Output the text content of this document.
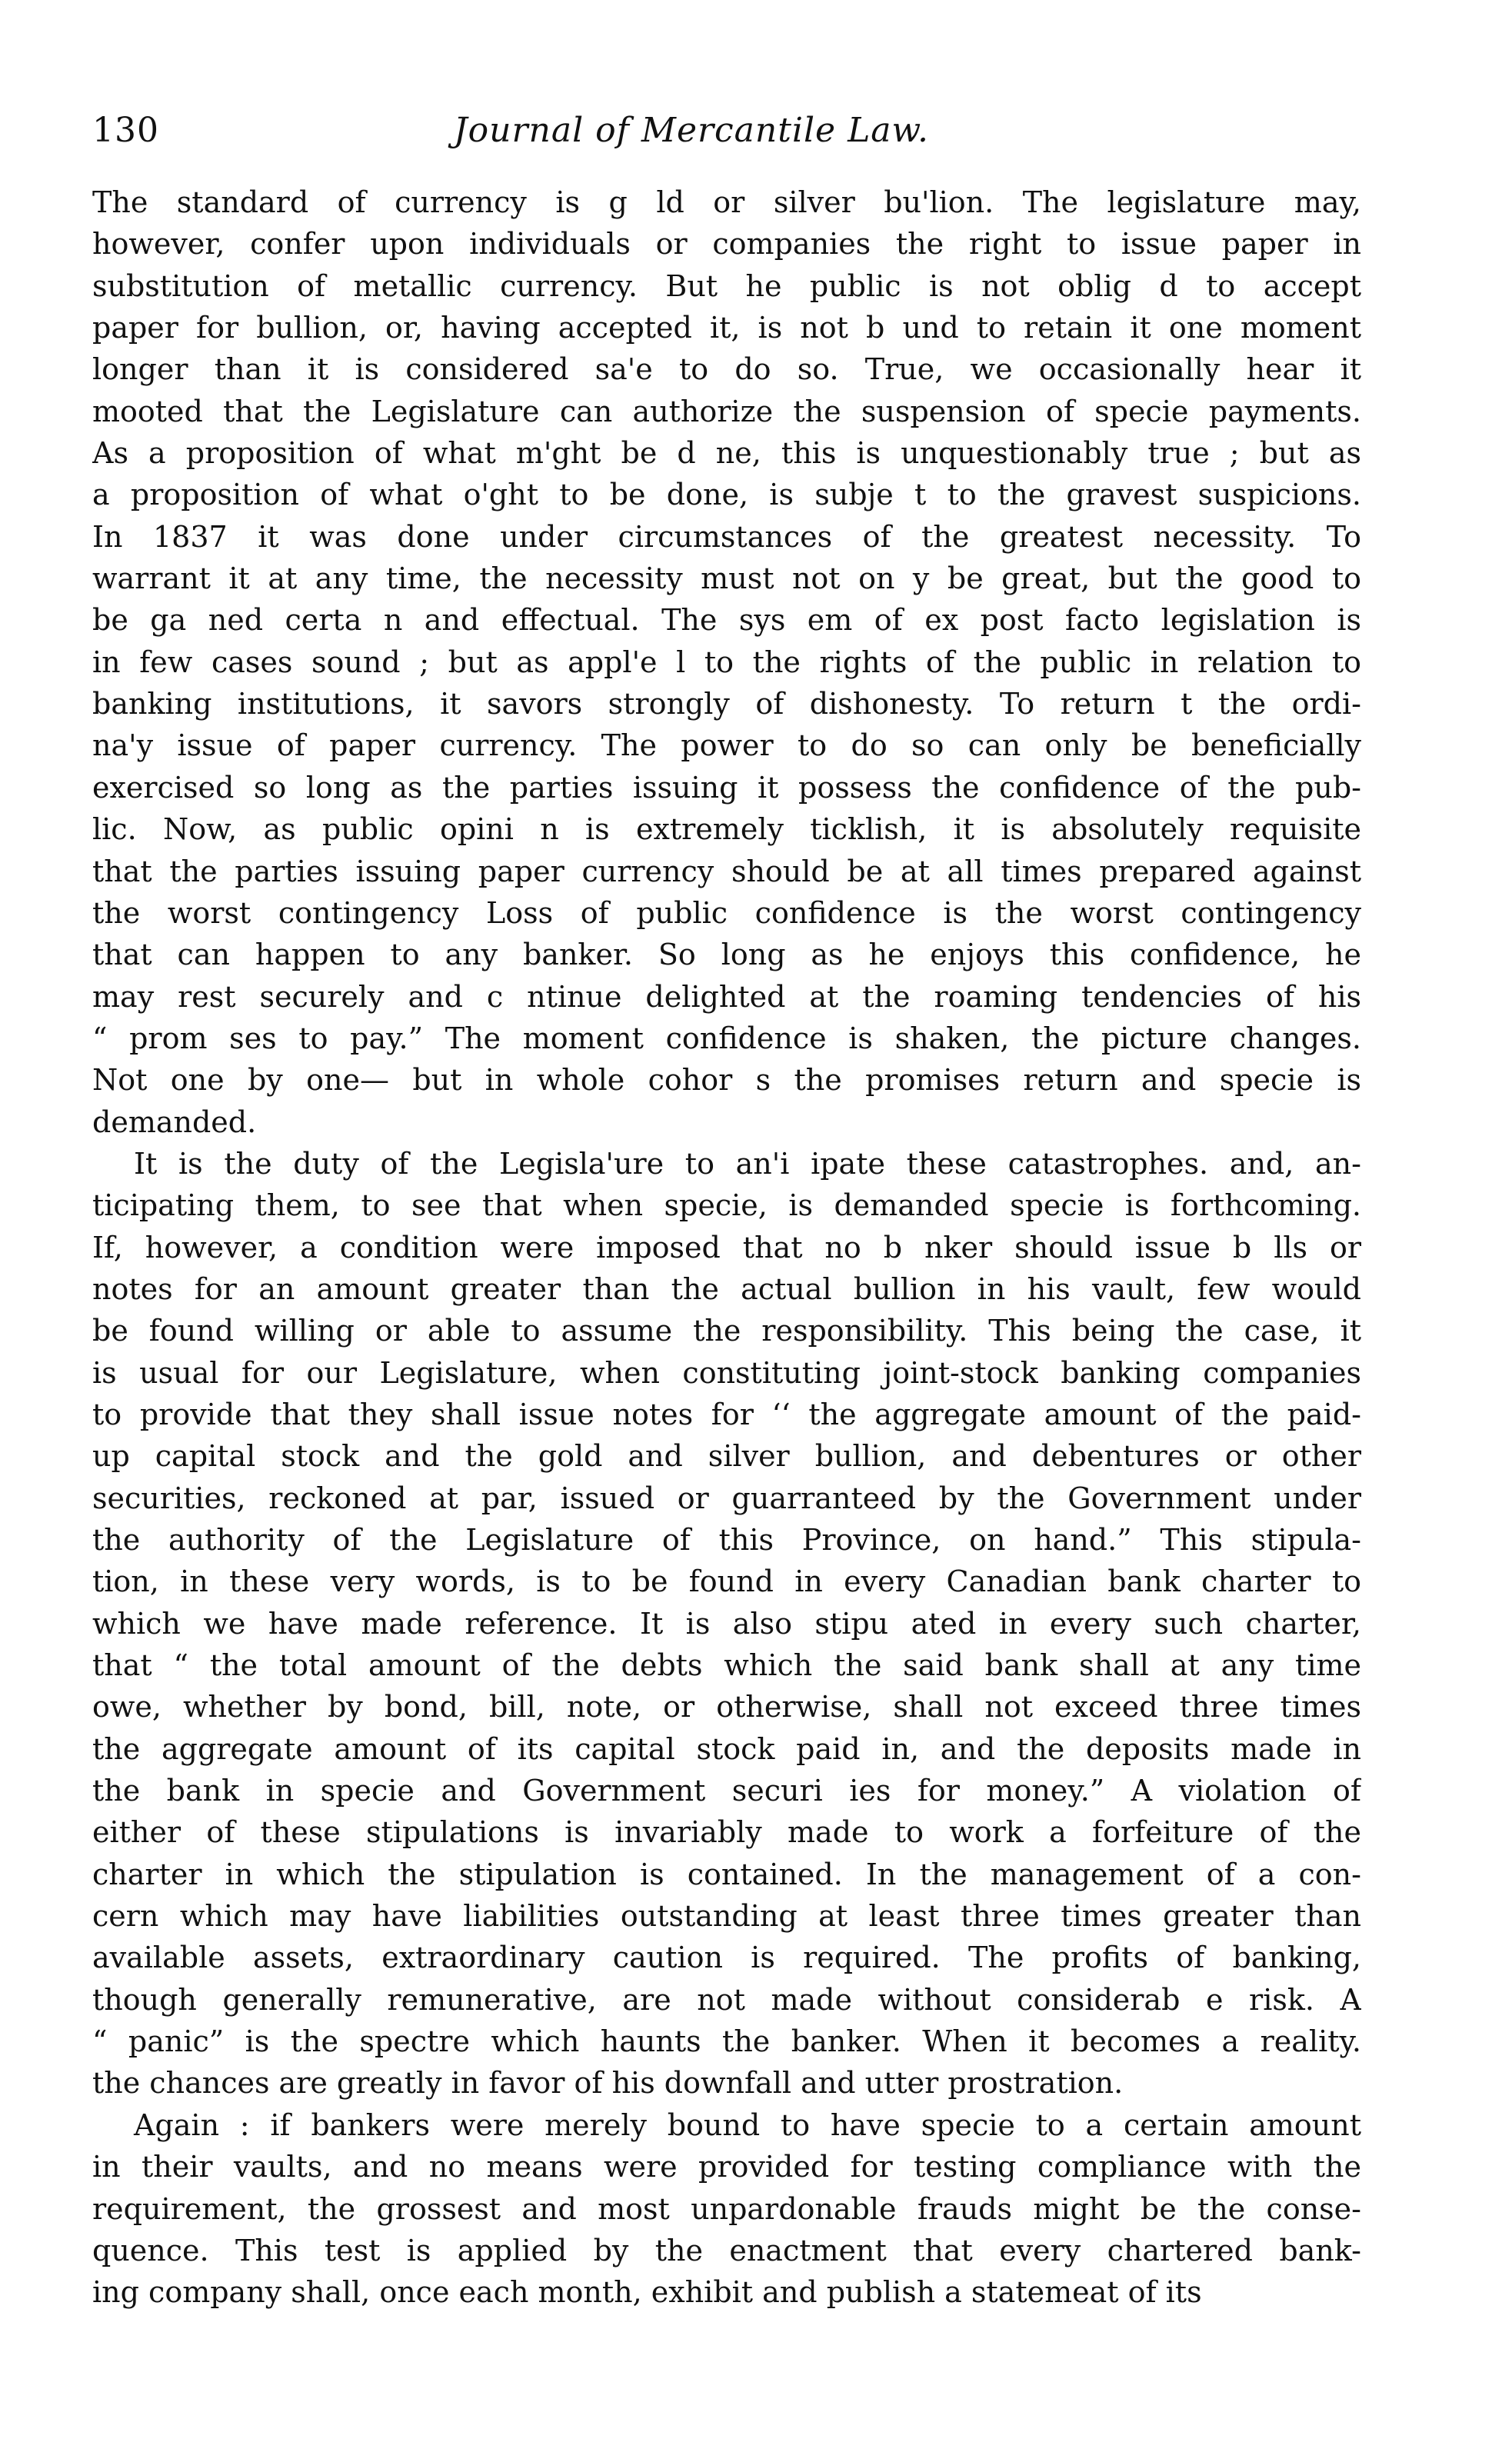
130	Journal of Mercantile Law.
The standard of currency is g ld or silver bu'lion. The legislature may,
however, confer upon individuals or companies the right to issue paper in
substitution of metallic currency. But he public is not oblig d to accept
paper for bullion, or, having accepted it, is not b und to retain it one moment
longer than it is considered sa'e to do so. True, we occasionally hear it
mooted that the Legislature can authorize the suspension of specie payments.
As a proposition of what m'ght be d ne, this is unquestionably true ; but as
a proposition of what o'ght to be done, is subje t to the gravest suspicions.
In 1837 it was done under circumstances of the greatest necessity. To
warrant it at any time, the necessity must not on y be great, but the good to
be ga ned certa n and effectual. The sys em of ex post facto legislation is
in few cases sound ; but as appl'e l to the rights of the public in relation to
banking institutions, it savors strongly of dishonesty. To return t the ordi-
na'y issue of paper currency. The power to do so can only be beneficially
exercised so long as the parties issuing it possess the confidence of the pub-
lic. Now, as public opini n is extremely ticklish, it is absolutely requisite
that the parties issuing paper currency should be at all times prepared against
the worst contingency Loss of public confidence is the worst contingency
that can happen to any banker. So long as he enjoys this confidence, he
may rest securely and c ntinue delighted at the roaming tendencies of his
“ prom ses to pay.” The moment confidence is shaken, the picture changes.
Not one by one— but in whole cohor s the promises return and specie is
demanded.
It is the duty of the Legisla'ure to an'i ipate these catastrophes. and, an-
ticipating them, to see that when specie, is demanded specie is forthcoming.
If, however, a condition were imposed that no b nker should issue b lls or
notes for an amount greater than the actual bullion in his vault, few would
be found willing or able to assume the responsibility. This being the case, it
is usual for our Legislature, when constituting joint-stock banking companies
to provide that they shall issue notes for ‘‘ the aggregate amount of the paid-
up capital stock and the gold and silver bullion, and debentures or other
securities, reckoned at par, issued or guarranteed by the Government under
the authority of the Legislature of this Province, on hand.” This stipula-
tion, in these very words, is to be found in every Canadian bank charter to
which we have made reference. It is also stipu ated in every such charter,
that “ the total amount of the debts which the said bank shall at any time
owe, whether by bond, bill, note, or otherwise, shall not exceed three times
the aggregate amount of its capital stock paid in, and the deposits made in
the bank in specie and Government securi ies for money.” A violation of
either of these stipulations is invariably made to work a forfeiture of the
charter in which the stipulation is contained. In the management of a con-
cern which may have liabilities outstanding at least three times greater than
available assets, extraordinary caution is required. The profits of banking,
though generally remunerative, are not made without considerab e risk. A
“ panic” is the spectre which haunts the banker. When it becomes a reality.
the chances are greatly in favor of his downfall and utter prostration.
Again : if bankers were merely bound to have specie to a certain amount
in their vaults, and no means were provided for testing compliance with the
requirement, the grossest and most unpardonable frauds might be the conse-
quence. This test is applied by the enactment that every chartered bank-
ing company shall, once each month, exhibit and publish a statemeat of its
